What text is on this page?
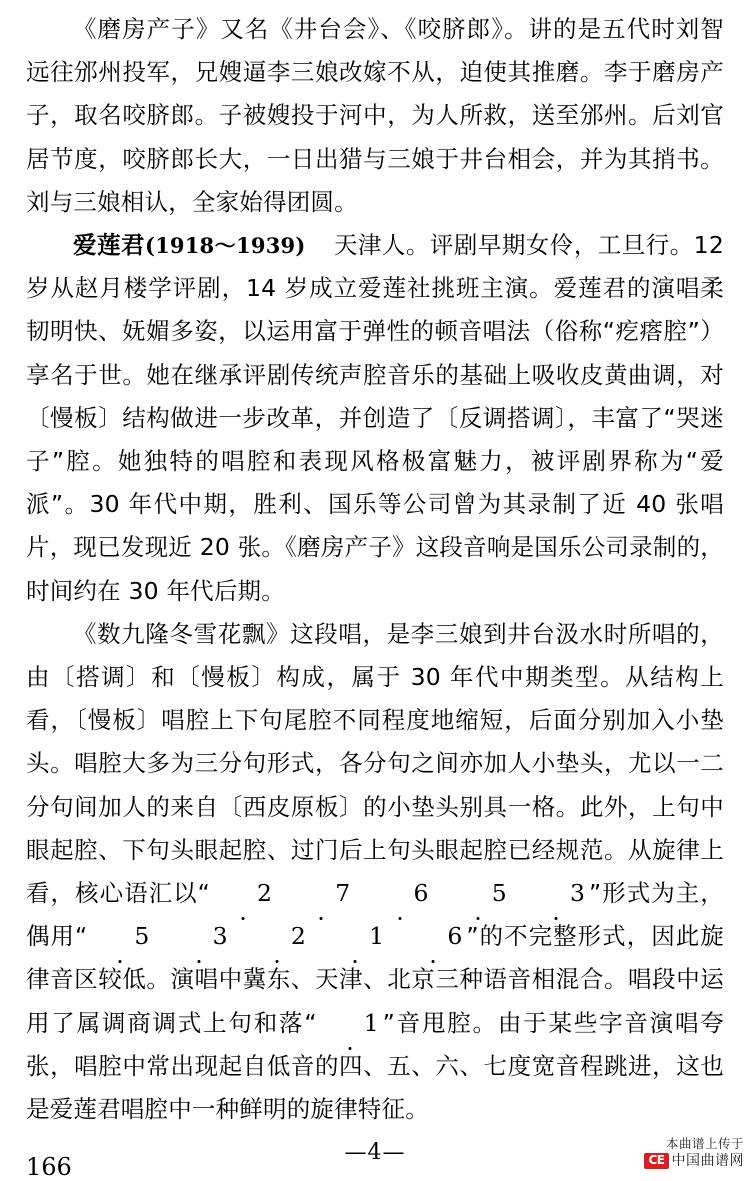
《磨房产子》又名《井台会》、《咬脐郎》。讲的是五代时刘智远往邠州投军，兄嫂逼李三娘改嫁不从，迫使其推磨。李于磨房产子，取名咬脐郎。子被嫂投于河中，为人所救，送至邠州。后刘官居节度，咬脐郎长大，一日出猎与三娘于井台相会，并为其捎书。刘与三娘相认，全家始得团圆。

爱莲君(1918～1939) 天津人。评剧早期女伶，工旦行。12 岁从赵月楼学评剧，14 岁成立爱莲社挑班主演。爱莲君的演唱柔韧明快、妩媚多姿，以运用富于弹性的顿音唱法（俗称“疙瘩腔”）享名于世。她在继承评剧传统声腔音乐的基础上吸收皮黄曲调，对〔慢板〕结构做进一步改革，并创造了〔反调搭调〕，丰富了“哭迷子”腔。她独特的唱腔和表现风格极富魅力，被评剧界称为“爱派”。30 年代中期，胜利、国乐等公司曾为其录制了近 40 张唱片，现已发现近 20 张。《磨房产子》这段音响是国乐公司录制的，时间约在 30 年代后期。

《数九隆冬雪花飘》这段唱，是李三娘到井台汲水时所唱的，由〔搭调〕和〔慢板〕构成，属于 30 年代中期类型。从结构上看，〔慢板〕唱腔上下句尾腔不同程度地缩短，后面分别加入小垫头。唱腔大多为三分句形式，各分句之间亦加人小垫头，尤以一二分句间加人的来自〔西皮原板〕的小垫头别具一格。此外，上句中眼起腔、下句头眼起腔、过门后上句头眼起腔已经规范。从旋律上看，核心语汇以“ 2	7	6	5	3”形式为主，偶用“ 5	3	2	1	6”的不完整形式，因此旋律音区较低。演唱中冀东、天津、北京三种语音相混合。唱段中运用了属调商调式上句和落“ 1”音甩腔。由于某些字音演唱夸张，唱腔中常出现起自低音的四、五、六、七度宽音程跳进，这也是爱莲君唱腔中一种鲜明的旋律特征。

166
—4—	本曲谱上传于
CE 中国曲谱网
